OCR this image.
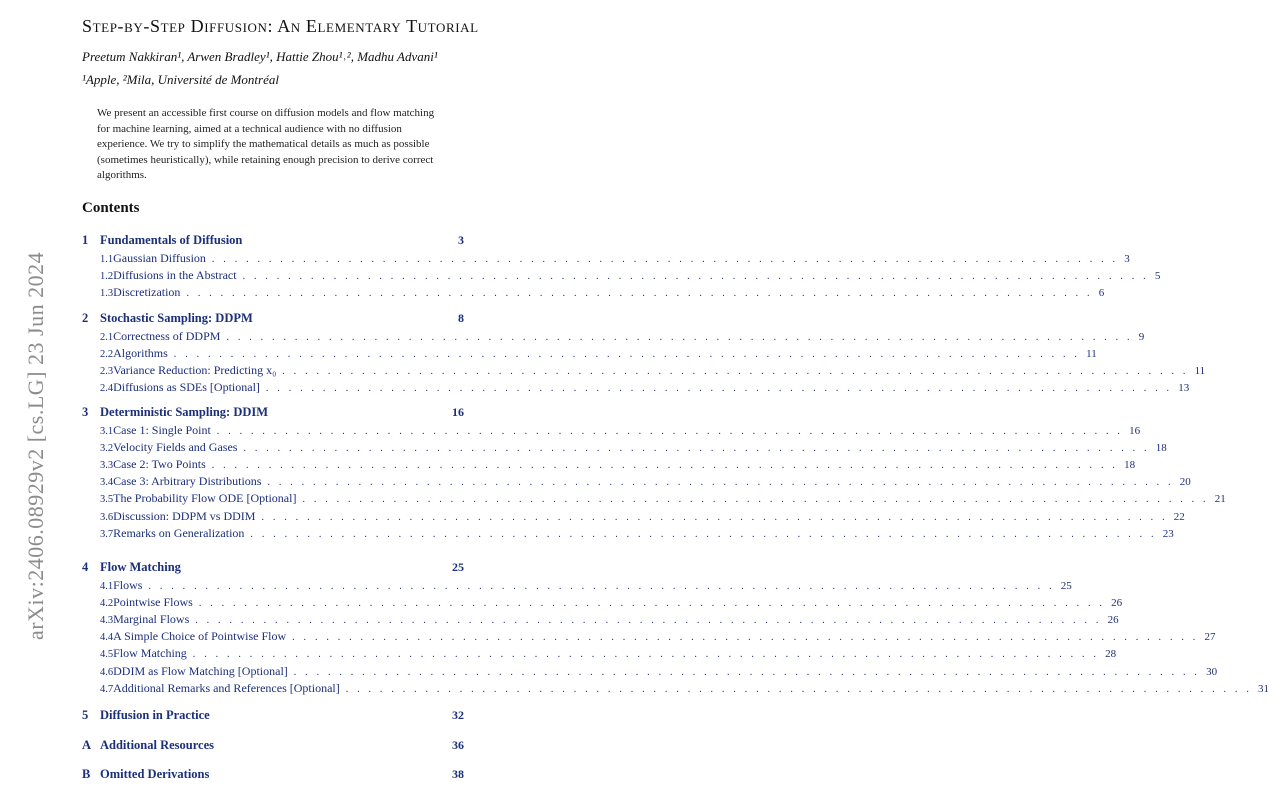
arXiv:2406.08929v2 [cs.LG] 23 Jun 2024
Step-by-Step Diffusion: An Elementary Tutorial
Preetum Nakkiran¹, Arwen Bradley¹, Hattie Zhou¹˒², Madhu Advani¹
¹Apple, ²Mila, Université de Montréal
We present an accessible first course on diffusion models and flow matching for machine learning, aimed at a technical audience with no diffusion experience. We try to simplify the mathematical details as much as possible (sometimes heuristically), while retaining enough precision to derive correct algorithms.
Contents
1 Fundamentals of Diffusion	3
1.1 Gaussian Diffusion . . . . . . . . . . . . . . . . . . . . . . . . . . . . . . . . . . . . . . . . . . . . . . . . . . . . . . . . . . . . . . . . . . . . . . . . . . . . . . . . 3
1.2 Diffusions in the Abstract . . . . . . . . . . . . . . . . . . . . . . . . . . . . . . . . . . . . . . . . . . . . . . . . . . . . . . . . . . . . . . . . . . . . . . . . . . . . . . . . 5
1.3 Discretization . . . . . . . . . . . . . . . . . . . . . . . . . . . . . . . . . . . . . . . . . . . . . . . . . . . . . . . . . . . . . . . . . . . . . . . . . . . . . . . . 6
2 Stochastic Sampling: DDPM	8
2.1 Correctness of DDPM . . . . . . . . . . . . . . . . . . . . . . . . . . . . . . . . . . . . . . . . . . . . . . . . . . . . . . . . . . . . . . . . . . . . . . . . . . . . . . . . 9
2.2 Algorithms . . . . . . . . . . . . . . . . . . . . . . . . . . . . . . . . . . . . . . . . . . . . . . . . . . . . . . . . . . . . . . . . . . . . . . . . . . . . . . . . 11
2.3 Variance Reduction: Predicting x₀ . . . . . . . . . . . . . . . . . . . . . . . . . . . . . . . . . . . . . . . . . . . . . . . . . . . . . . . . . . . . . . . . . . . . . . . . . . . . . . . . 11
2.4 Diffusions as SDEs [Optional] . . . . . . . . . . . . . . . . . . . . . . . . . . . . . . . . . . . . . . . . . . . . . . . . . . . . . . . . . . . . . . . . . . . . . . . . . . . . . . . . 13
3 Deterministic Sampling: DDIM	16
3.1 Case 1: Single Point . . . . . . . . . . . . . . . . . . . . . . . . . . . . . . . . . . . . . . . . . . . . . . . . . . . . . . . . . . . . . . . . . . . . . . . . . . . . . . . . 16
3.2 Velocity Fields and Gases . . . . . . . . . . . . . . . . . . . . . . . . . . . . . . . . . . . . . . . . . . . . . . . . . . . . . . . . . . . . . . . . . . . . . . . . . . . . . . . . 18
3.3 Case 2: Two Points . . . . . . . . . . . . . . . . . . . . . . . . . . . . . . . . . . . . . . . . . . . . . . . . . . . . . . . . . . . . . . . . . . . . . . . . . . . . . . . . 18
3.4 Case 3: Arbitrary Distributions . . . . . . . . . . . . . . . . . . . . . . . . . . . . . . . . . . . . . . . . . . . . . . . . . . . . . . . . . . . . . . . . . . . . . . . . . . . . . . . . 20
3.5 The Probability Flow ODE [Optional] . . . . . . . . . . . . . . . . . . . . . . . . . . . . . . . . . . . . . . . . . . . . . . . . . . . . . . . . . . . . . . . . . . . . . . . . . . . . . . . . 21
3.6 Discussion: DDPM vs DDIM . . . . . . . . . . . . . . . . . . . . . . . . . . . . . . . . . . . . . . . . . . . . . . . . . . . . . . . . . . . . . . . . . . . . . . . . . . . . . . . . 22
3.7 Remarks on Generalization . . . . . . . . . . . . . . . . . . . . . . . . . . . . . . . . . . . . . . . . . . . . . . . . . . . . . . . . . . . . . . . . . . . . . . . . . . . . . . . . 23
4 Flow Matching	25
4.1 Flows . . . . . . . . . . . . . . . . . . . . . . . . . . . . . . . . . . . . . . . . . . . . . . . . . . . . . . . . . . . . . . . . . . . . . . . . . . . . . . . . 25
4.2 Pointwise Flows . . . . . . . . . . . . . . . . . . . . . . . . . . . . . . . . . . . . . . . . . . . . . . . . . . . . . . . . . . . . . . . . . . . . . . . . . . . . . . . . 26
4.3 Marginal Flows . . . . . . . . . . . . . . . . . . . . . . . . . . . . . . . . . . . . . . . . . . . . . . . . . . . . . . . . . . . . . . . . . . . . . . . . . . . . . . . . 26
4.4 A Simple Choice of Pointwise Flow . . . . . . . . . . . . . . . . . . . . . . . . . . . . . . . . . . . . . . . . . . . . . . . . . . . . . . . . . . . . . . . . . . . . . . . . . . . . . . . . 27
4.5 Flow Matching . . . . . . . . . . . . . . . . . . . . . . . . . . . . . . . . . . . . . . . . . . . . . . . . . . . . . . . . . . . . . . . . . . . . . . . . . . . . . . . . 28
4.6 DDIM as Flow Matching [Optional] . . . . . . . . . . . . . . . . . . . . . . . . . . . . . . . . . . . . . . . . . . . . . . . . . . . . . . . . . . . . . . . . . . . . . . . . . . . . . . . . 30
4.7 Additional Remarks and References [Optional] . . . . . . . . . . . . . . . . . . . . . . . . . . . . . . . . . . . . . . . . . . . . . . . . . . . . . . . . . . . . . . . . . . . . . . . . . . . . . . . . 31
5 Diffusion in Practice	32
A Additional Resources	36
B Omitted Derivations	38
